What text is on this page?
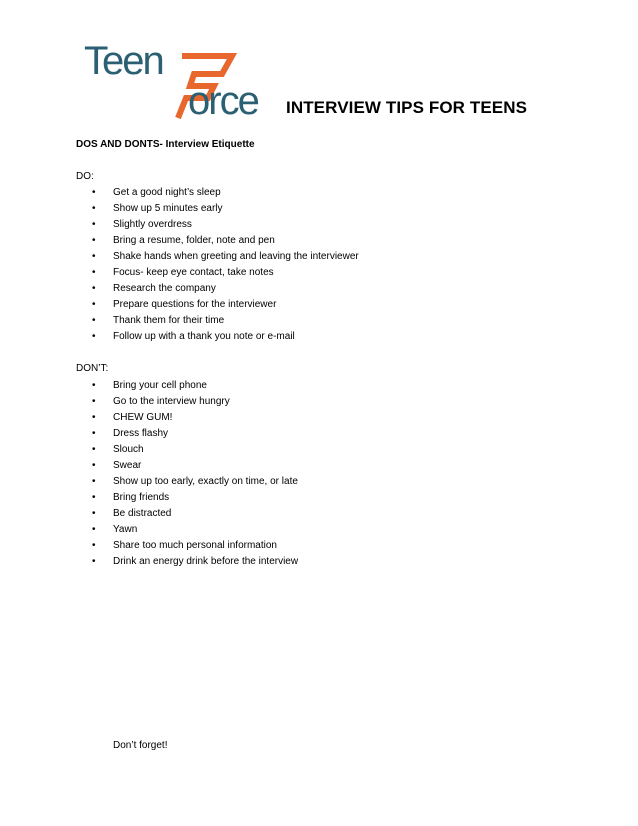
Teen
orce INTERVIEW TIPS FOR TEENS
DOS AND DONTS- Interview Etiquette
DO:
• Get a good night’s sleep
• Show up 5 minutes early
• Slightly overdress
• Bring a resume, folder, note and pen
• Shake hands when greeting and leaving the interviewer
• Focus- keep eye contact, take notes
• Research the company
• Prepare questions for the interviewer
• Thank them for their time
• Follow up with a thank you note or e-mail
DON’T:
• Bring your cell phone
• Go to the interview hungry
• CHEW GUM!
• Dress flashy
• Slouch
• Swear
• Show up too early, exactly on time, or late
• Bring friends
• Be distracted
• Yawn
• Share too much personal information
• Drink an energy drink before the interview
Don’t forget!
